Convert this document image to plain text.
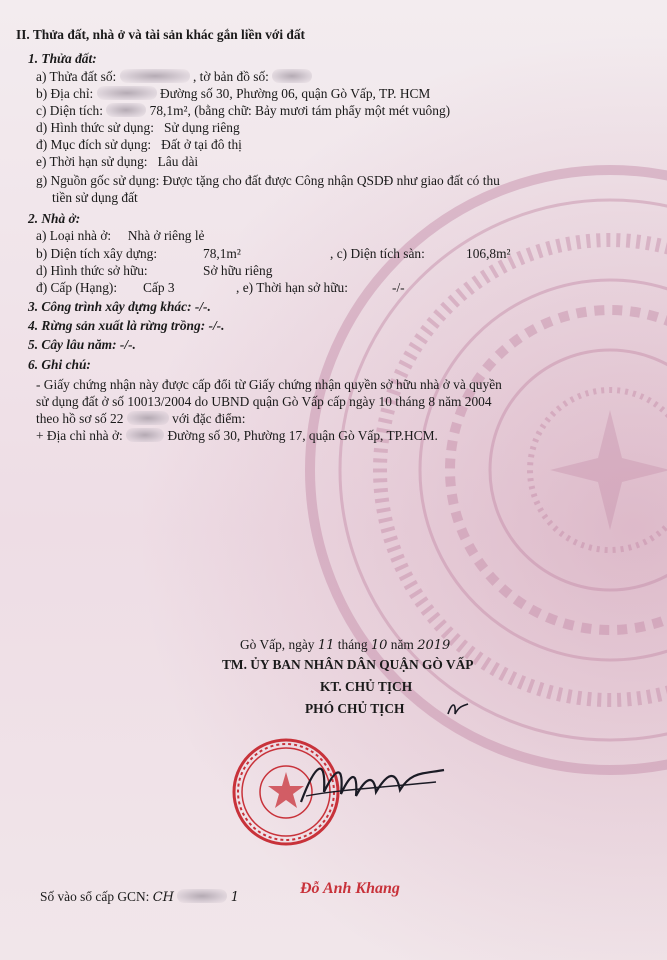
II. Thửa đất, nhà ở và tài sản khác gắn liền với đất
1. Thửa đất:
a) Thửa đất số:	, tờ bản đồ số:
b) Địa chỉ:	Đường số 30, Phường 06, quận Gò Vấp, TP. HCM
c) Diện tích:	78,1m², (bằng chữ: Bảy mươi tám phẩy một mét vuông)
d) Hình thức sử dụng: Sử dụng riêng
đ) Mục đích sử dụng: Đất ở tại đô thị
e) Thời hạn sử dụng: Lâu dài
g) Nguồn gốc sử dụng: Được tặng cho đất được Công nhận QSDĐ như giao đất có thu
tiền sử dụng đất
2. Nhà ở:
a) Loại nhà ở: Nhà ở riêng lẻ
b) Diện tích xây dựng:	78,1m²	, c) Diện tích sàn:	106,8m²
d) Hình thức sở hữu:	Sở hữu riêng
đ) Cấp (Hạng): Cấp 3	, e) Thời hạn sở hữu:	-/-
3. Công trình xây dựng khác: -/-.
4. Rừng sản xuất là rừng trồng: -/-.
5. Cây lâu năm: -/-.
6. Ghi chú:
- Giấy chứng nhận này được cấp đổi từ Giấy chứng nhận quyền sở hữu nhà ở và quyền
sử dụng đất ở số 10013/2004 do UBND quận Gò Vấp cấp ngày 10 tháng 8 năm 2004
theo hồ sơ số 22	với đặc điểm:
+ Địa chỉ nhà ở:	Đường số 30, Phường 17, quận Gò Vấp, TP.HCM.
Gò Vấp, ngày 11 tháng 10 năm 2019
TM. ỦY BAN NHÂN DÂN QUẬN GÒ VẤP
KT. CHỦ TỊCH
PHÓ CHỦ TỊCH
Đỗ Anh Khang
Số vào sổ cấp GCN: CH	1
